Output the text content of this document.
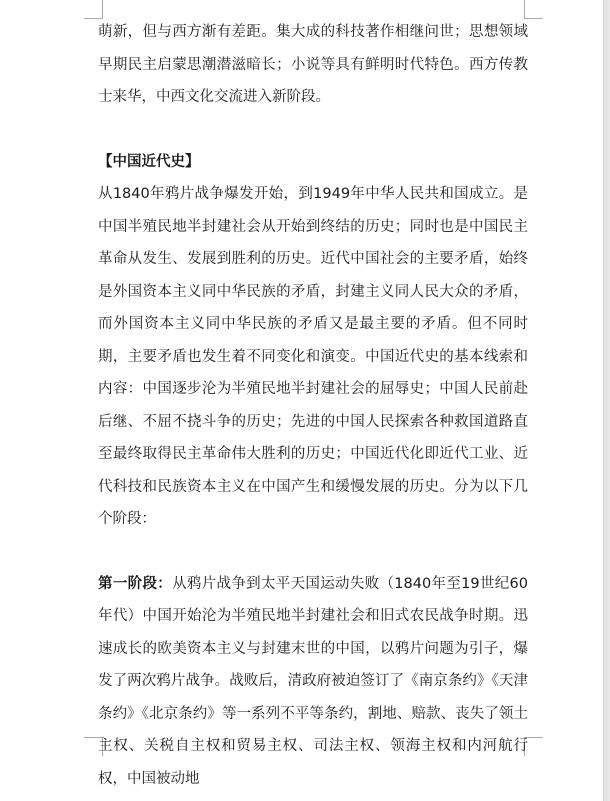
萌新，但与西方渐有差距。集大成的科技著作相继问世；思想领域早期民主启蒙思潮潜滋暗长；小说等具有鲜明时代特色。西方传教士来华，中西文化交流进入新阶段。

【中国近代史】

从1840年鸦片战争爆发开始，到1949年中华人民共和国成立。是中国半殖民地半封建社会从开始到终结的历史；同时也是中国民主革命从发生、发展到胜利的历史。近代中国社会的主要矛盾，始终是外国资本主义同中华民族的矛盾，封建主义同人民大众的矛盾，而外国资本主义同中华民族的矛盾又是最主要的矛盾。但不同时期，主要矛盾也发生着不同变化和演变。中国近代史的基本线索和内容：中国逐步沦为半殖民地半封建社会的屈辱史；中国人民前赴后继、不屈不挠斗争的历史；先进的中国人民探索各种救国道路直至最终取得民主革命伟大胜利的历史；中国近代化即近代工业、近代科技和民族资本主义在中国产生和缓慢发展的历史。分为以下几个阶段：

第一阶段：从鸦片战争到太平天国运动失败（1840年至19世纪60年代）中国开始沦为半殖民地半封建社会和旧式农民战争时期。迅速成长的欧美资本主义与封建末世的中国，以鸦片问题为引子，爆发了两次鸦片战争。战败后，清政府被迫签订了《南京条约》《天津条约》《北京条约》等一系列不平等条约，割地、赔款、丧失了领土主权、关税自主权和贸易主权、司法主权、领海主权和内河航行权，中国被动地
